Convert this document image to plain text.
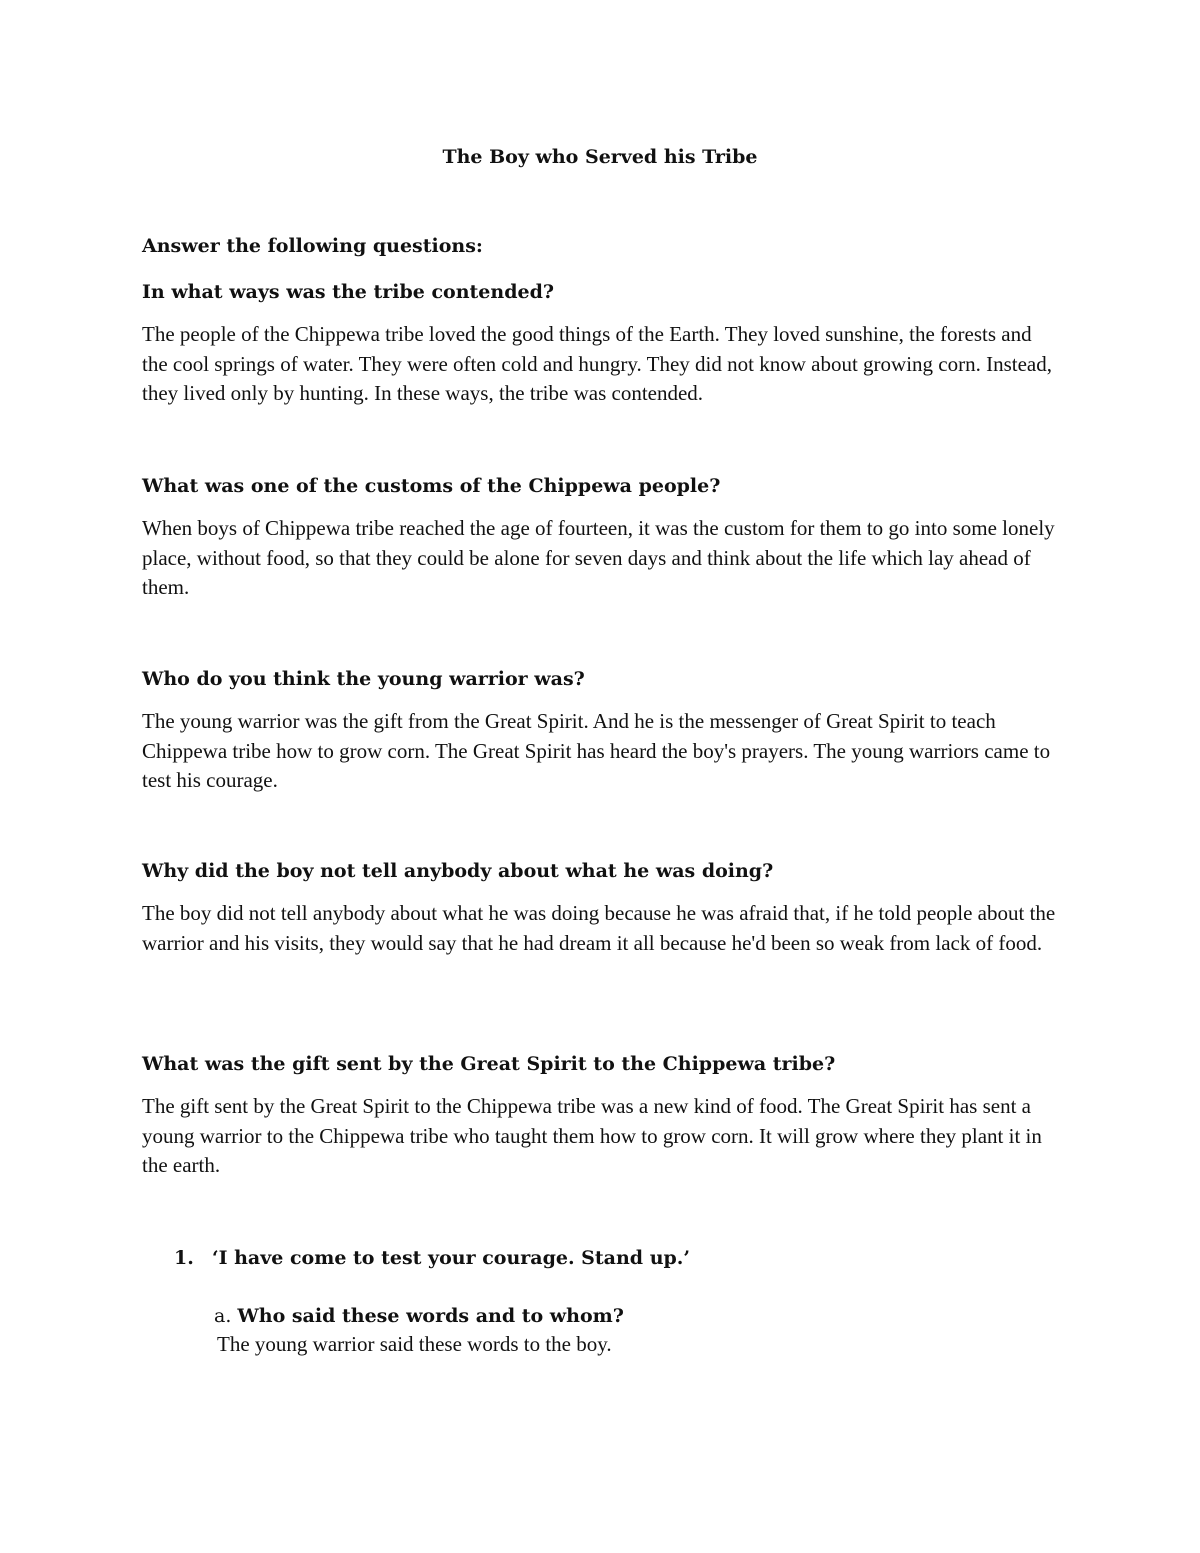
The Boy who Served his Tribe
Answer the following questions:

In what ways was the tribe contended?

The people of the Chippewa tribe loved the good things of the Earth. They loved sunshine, the forests and the cool springs of water. They were often cold and hungry. They did not know about growing corn. Instead, they lived only by hunting. In these ways, the tribe was contended.

What was one of the customs of the Chippewa people?

When boys of Chippewa tribe reached the age of fourteen, it was the custom for them to go into some lonely place, without food, so that they could be alone for seven days and think about the life which lay ahead of them.

Who do you think the young warrior was?

The young warrior was the gift from the Great Spirit. And he is the messenger of Great Spirit to teach Chippewa tribe how to grow corn. The Great Spirit has heard the boy's prayers. The young warriors came to test his courage.

Why did the boy not tell anybody about what he was doing?

The boy did not tell anybody about what he was doing because he was afraid that, if he told people about the warrior and his visits, they would say that he had dream it all because he'd been so weak from lack of food.

What was the gift sent by the Great Spirit to the Chippewa tribe?

The gift sent by the Great Spirit to the Chippewa tribe was a new kind of food. The Great Spirit has sent a young warrior to the Chippewa tribe who taught them how to grow corn. It will grow where they plant it in the earth.

1. ‘I have come to test your courage. Stand up.’
a. Who said these words and to whom?
The young warrior said these words to the boy.
